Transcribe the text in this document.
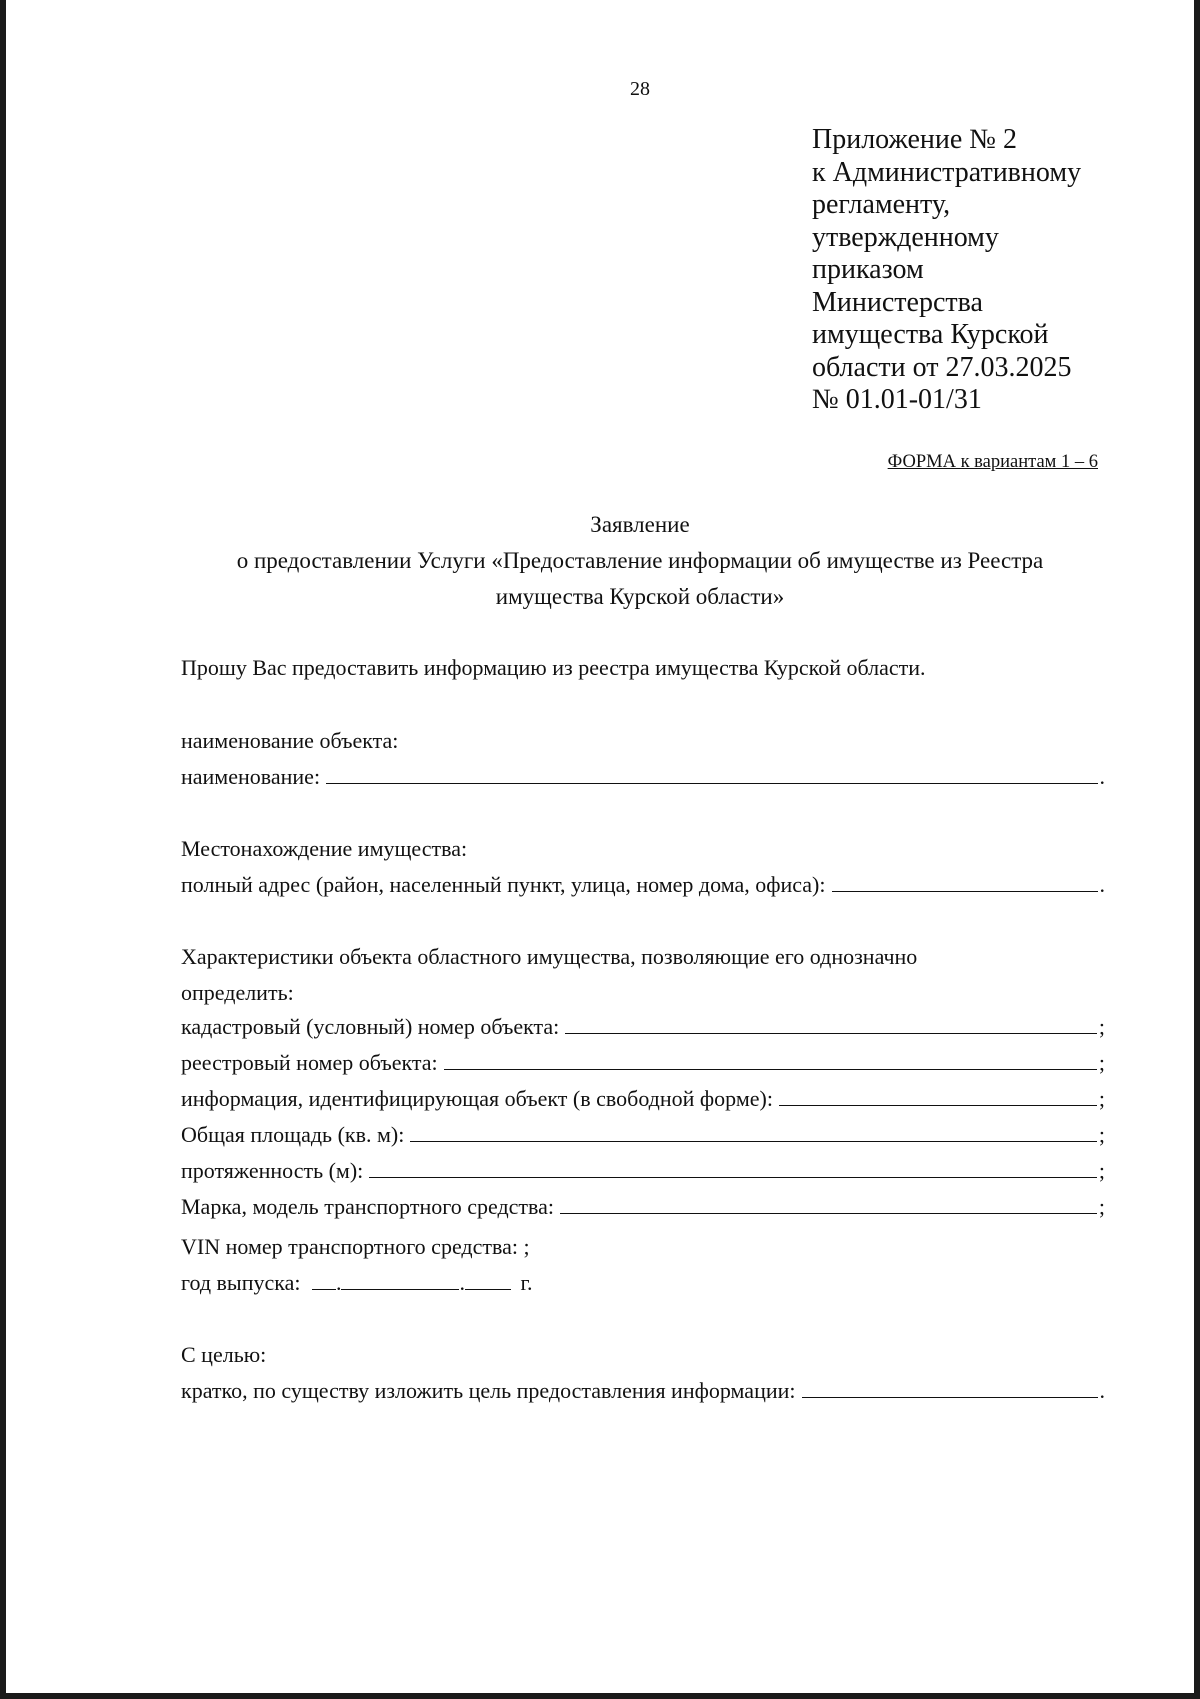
28
Приложение № 2
к Административному
регламенту,
утвержденному
приказом
Министерства
имущества Курской
области от 27.03.2025
№ 01.01-01/31
ФОРМА к вариантам 1 – 6
Заявление
о предоставлении Услуги «Предоставление информации об имуществе из Реестра
имущества Курской области»
Прошу Вас предоставить информацию из реестра имущества Курской области.
наименование объекта:
наименование:	.
Местонахождение имущества:
полный адрес (район, населенный пункт, улица, номер дома, офиса):	.
Характеристики объекта областного имущества, позволяющие его однозначно
определить:
кадастровый (условный) номер объекта:	;
реестровый номер объекта:	;
информация, идентифицирующая объект (в свободной форме):	;
Общая площадь (кв. м):	;
протяженность (м):	;
Марка, модель транспортного средства:	;
VIN номер транспортного средства: ;
год выпуска: .	.	г.
С целью:
кратко, по существу изложить цель предоставления информации:	.
